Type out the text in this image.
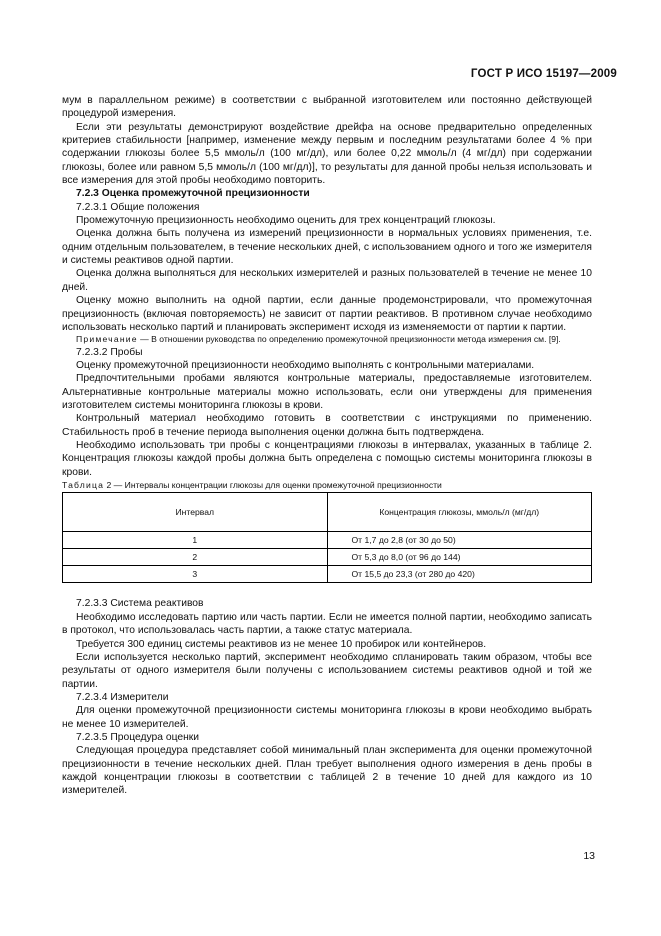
ГОСТ Р ИСО 15197—2009

мум в параллельном режиме) в соответствии с выбранной изготовителем или постоянно действующей процедурой измерения.

Если эти результаты демонстрируют воздействие дрейфа на основе предварительно определенных критериев стабильности [например, изменение между первым и последним результатами более 4 % при содержании глюкозы более 5,5 ммоль/л (100 мг/дл), или более 0,22 ммоль/л (4 мг/дл) при содержании глюкозы, более или равном 5,5 ммоль/л (100 мг/дл)], то результаты для данной пробы нельзя использовать и все измерения для этой пробы необходимо повторить.

7.2.3 Оценка промежуточной прецизионности

7.2.3.1 Общие положения

Промежуточную прецизионность необходимо оценить для трех концентраций глюкозы.

Оценка должна быть получена из измерений прецизионности в нормальных условиях применения, т.е. одним отдельным пользователем, в течение нескольких дней, с использованием одного и того же измерителя и системы реактивов одной партии.

Оценка должна выполняться для нескольких измерителей и разных пользователей в течение не менее 10 дней.

Оценку можно выполнить на одной партии, если данные продемонстрировали, что промежуточная прецизионность (включая повторяемость) не зависит от партии реактивов. В противном случае необходимо использовать несколько партий и планировать эксперимент исходя из изменяемости от партии к партии.

Примечание — В отношении руководства по определению промежуточной прецизионности метода измерения см. [9].

7.2.3.2 Пробы

Оценку промежуточной прецизионности необходимо выполнять с контрольными материалами.

Предпочтительными пробами являются контрольные материалы, предоставляемые изготовителем. Альтернативные контрольные материалы можно использовать, если они утверждены для применения изготовителем системы мониторинга глюкозы в крови.

Контрольный материал необходимо готовить в соответствии с инструкциями по применению. Стабильность проб в течение периода выполнения оценки должна быть подтверждена.

Необходимо использовать три пробы с концентрациями глюкозы в интервалах, указанных в таблице 2. Концентрация глюкозы каждой пробы должна быть определена с помощью системы мониторинга глюкозы в крови.

Таблица 2 — Интервалы концентрации глюкозы для оценки промежуточной прецизионности

Интервал	Концентрация глюкозы, ммоль/л (мг/дл)
1	От 1,7 до 2,8 (от 30 до 50)
2	От 5,3 до 8,0 (от 96 до 144)
3	От 15,5 до 23,3 (от 280 до 420)

7.2.3.3 Система реактивов

Необходимо исследовать партию или часть партии. Если не имеется полной партии, необходимо записать в протокол, что использовалась часть партии, а также статус материала.

Требуется 300 единиц системы реактивов из не менее 10 пробирок или контейнеров.

Если используется несколько партий, эксперимент необходимо спланировать таким образом, чтобы все результаты от одного измерителя были получены с использованием системы реактивов одной и той же партии.

7.2.3.4 Измерители

Для оценки промежуточной прецизионности системы мониторинга глюкозы в крови необходимо выбрать не менее 10 измерителей.

7.2.3.5 Процедура оценки

Следующая процедура представляет собой минимальный план эксперимента для оценки промежуточной прецизионности в течение нескольких дней. План требует выполнения одного измерения в день пробы в каждой концентрации глюкозы в соответствии с таблицей 2 в течение 10 дней для каждого из 10 измерителей.

13
